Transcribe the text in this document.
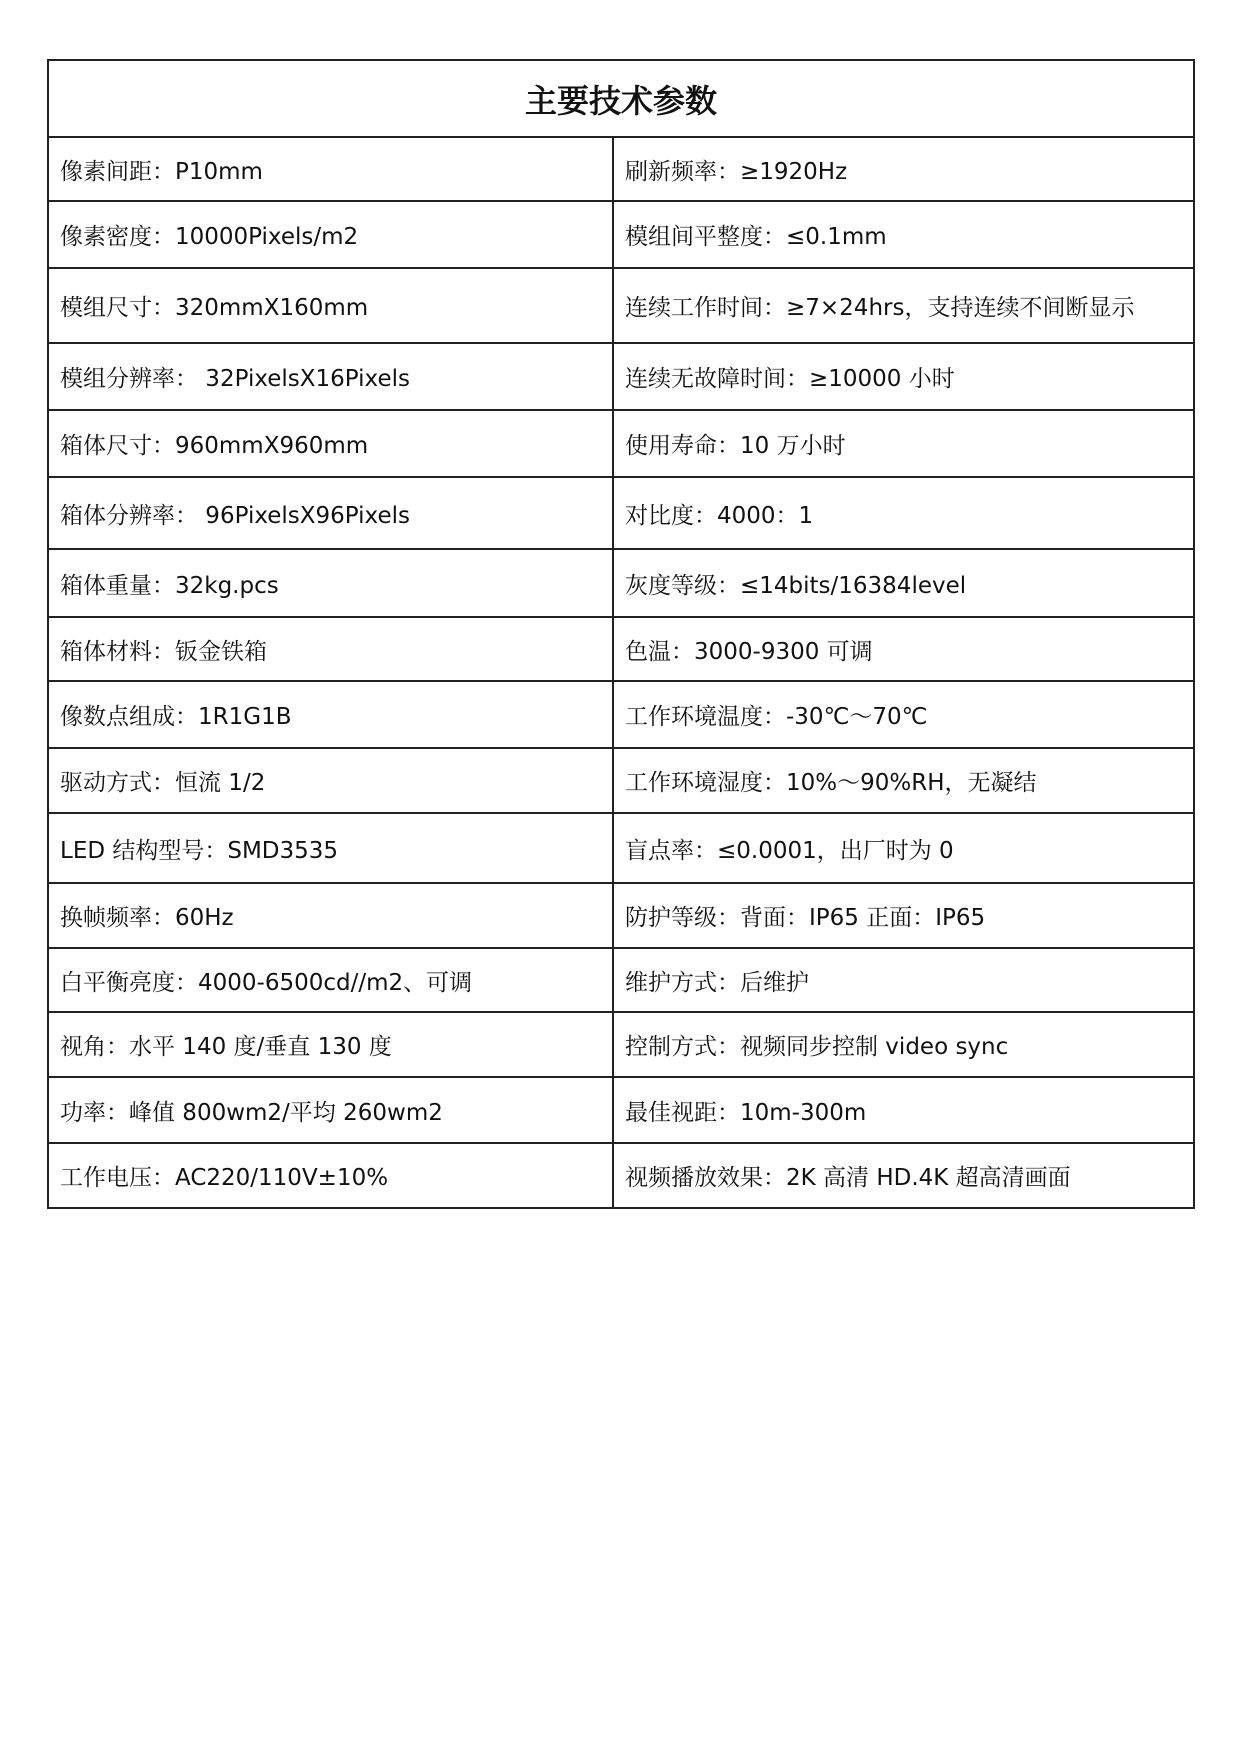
主要技术参数	
像素间距：P10mm	刷新频率：≥1920Hz
像素密度：10000Pixels/m2	模组间平整度：≤0.1mm
模组尺寸：320mmX160mm	连续工作时间：≥7×24hrs，支持连续不间断显示
模组分辨率： 32PixelsX16Pixels	连续无故障时间：≥10000 小时
箱体尺寸：960mmX960mm	使用寿命：10 万小时
箱体分辨率： 96PixelsX96Pixels	对比度：4000：1
箱体重量：32kg.pcs	灰度等级：≤14bits/16384level
箱体材料：钣金铁箱	色温：3000-9300 可调
像数点组成：1R1G1B	工作环境温度：-30℃～70℃
驱动方式：恒流 1/2	工作环境湿度：10%～90%RH，无凝结
LED 结构型号：SMD3535	盲点率：≤0.0001，出厂时为 0
换帧频率：60Hz	防护等级：背面：IP65 正面：IP65
白平衡亮度：4000-6500cd//m2、可调	维护方式：后维护
视角：水平 140 度/垂直 130 度	控制方式：视频同步控制 video sync
功率：峰值 800wm2/平均 260wm2	最佳视距：10m-300m
工作电压：AC220/110V±10%	视频播放效果：2K 高清 HD.4K 超高清画面
